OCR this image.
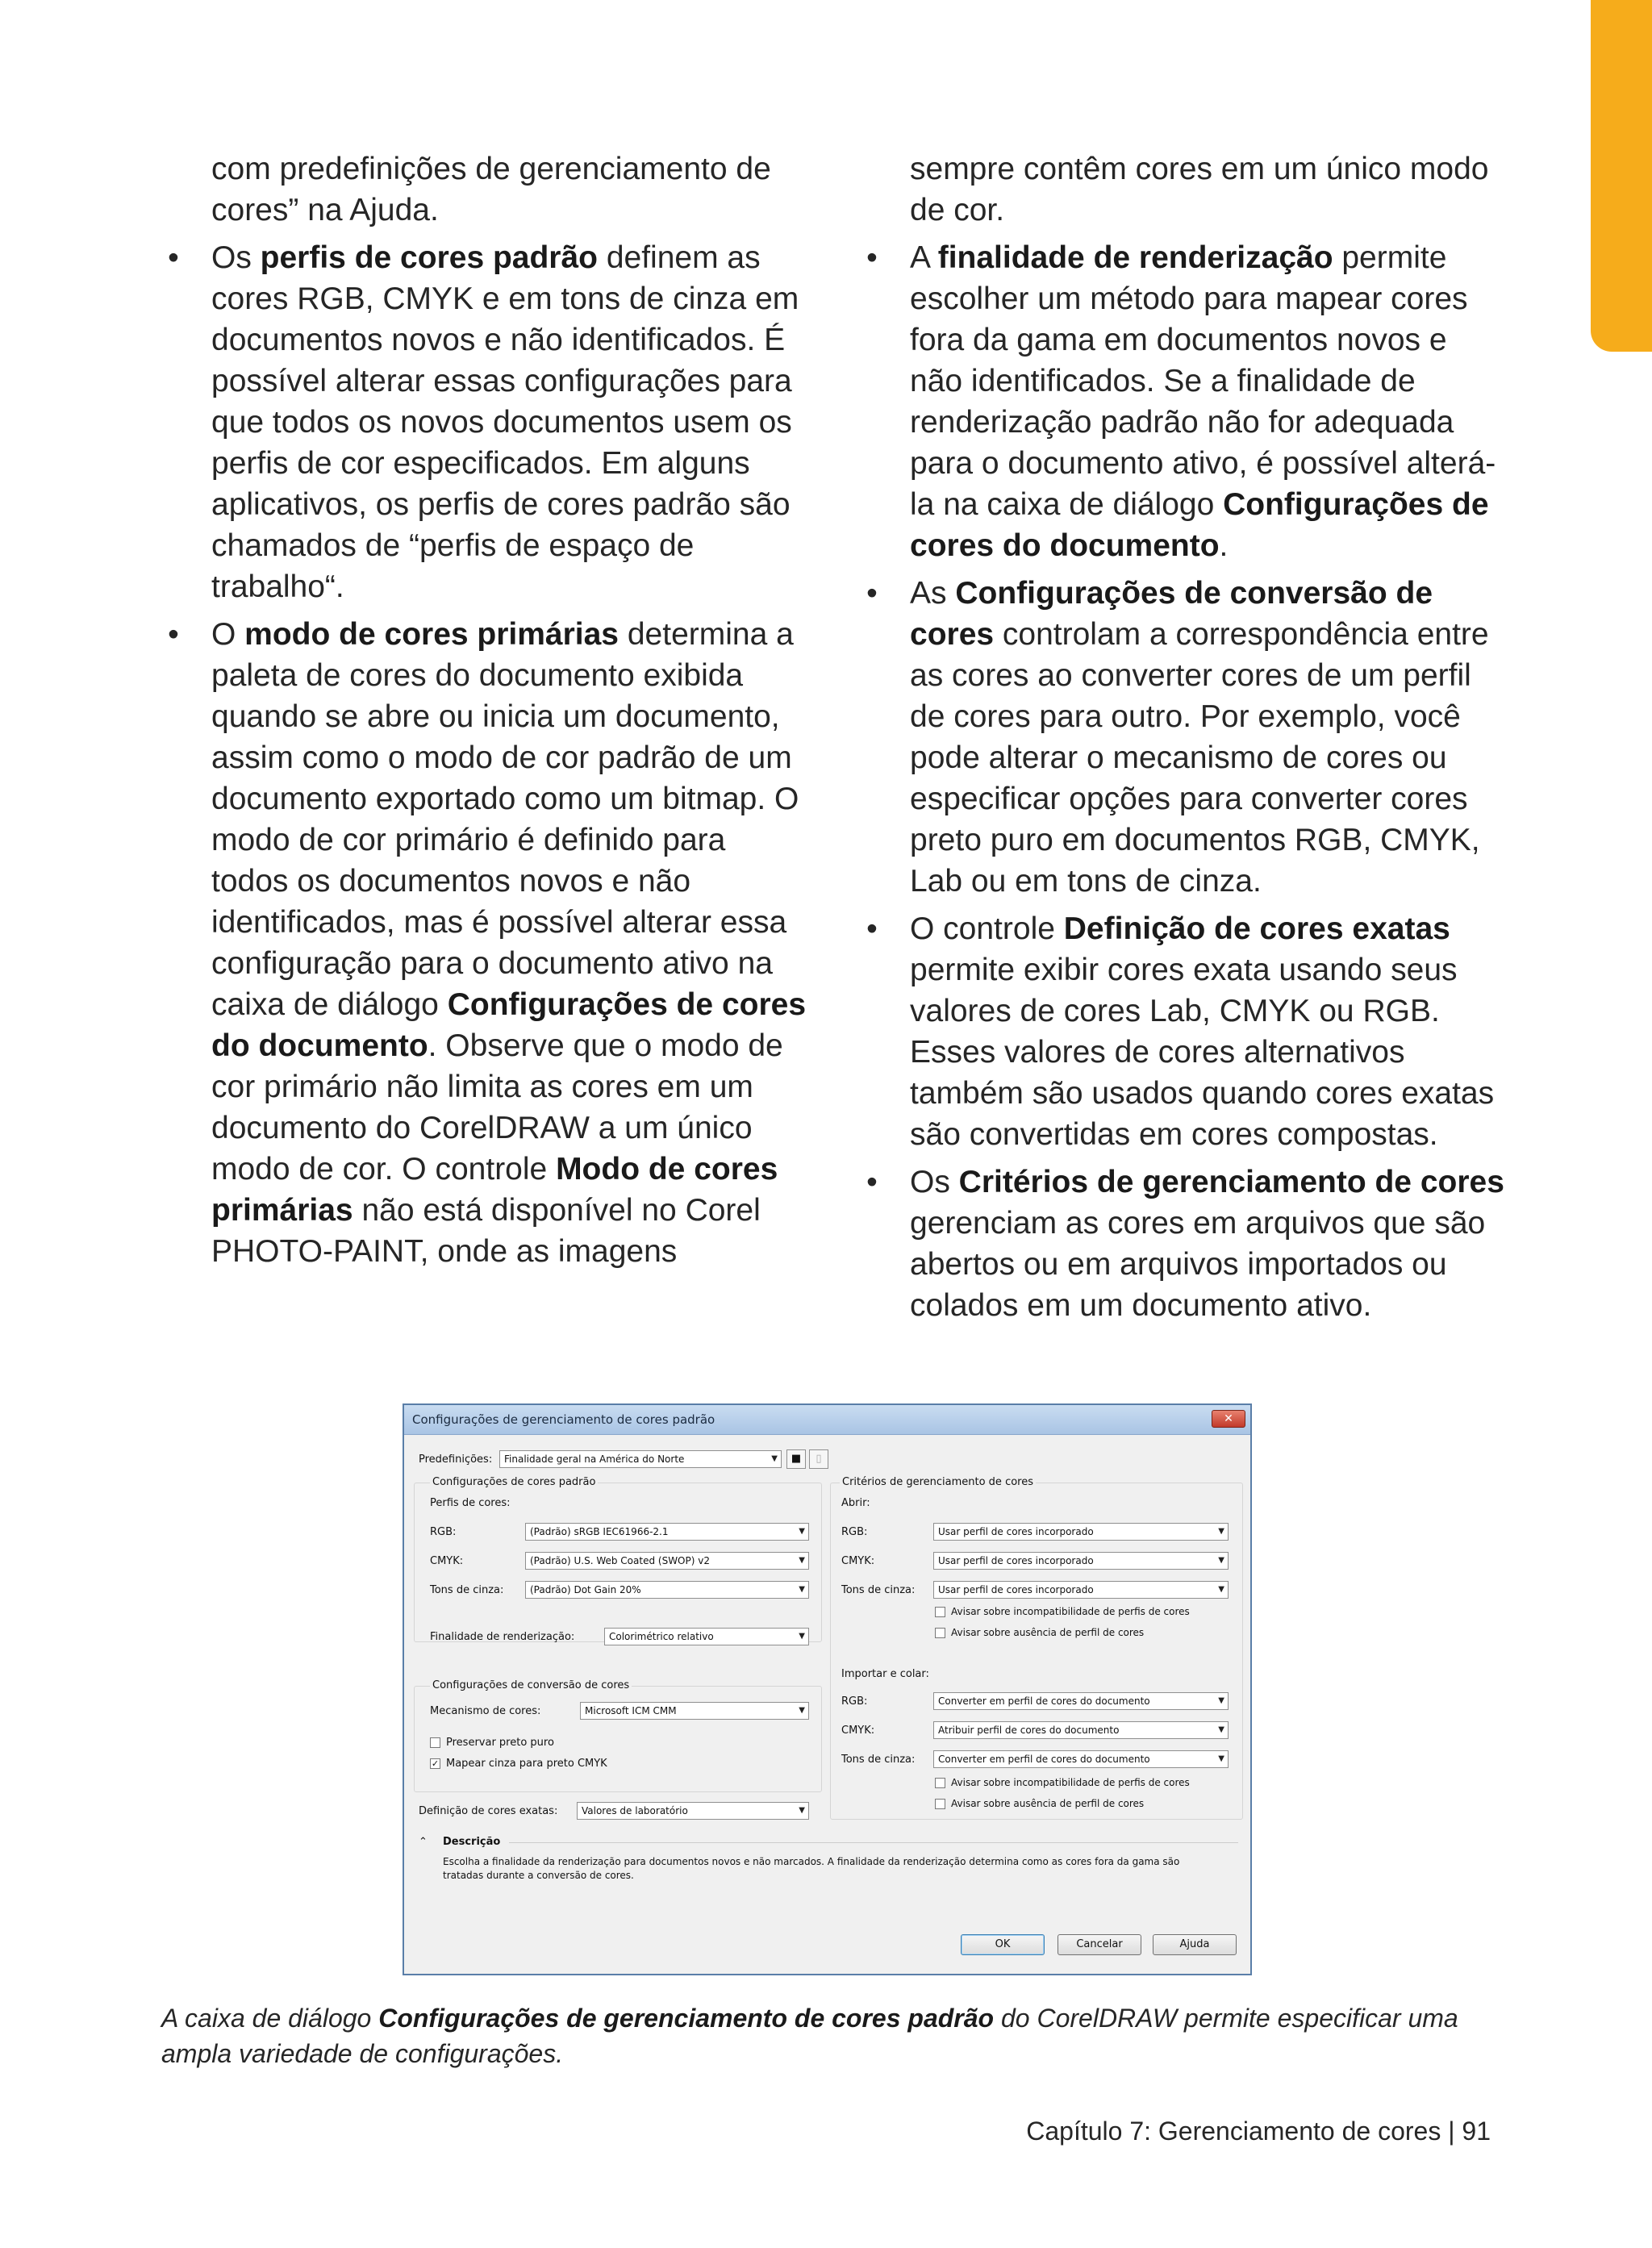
com predefinições de gerenciamento de cores” na Ajuda.
• Os perfis de cores padrão definem as cores RGB, CMYK e em tons de cinza em documentos novos e não identificados. É possível alterar essas configurações para que todos os novos documentos usem os perfis de cor especificados. Em alguns aplicativos, os perfis de cores padrão são chamados de “perfis de espaço de trabalho“.
• O modo de cores primárias determina a paleta de cores do documento exibida quando se abre ou inicia um documento, assim como o modo de cor padrão de um documento exportado como um bitmap. O modo de cor primário é definido para todos os documentos novos e não identificados, mas é possível alterar essa configuração para o documento ativo na caixa de diálogo Configurações de cores do documento. Observe que o modo de cor primário não limita as cores em um documento do CorelDRAW a um único modo de cor. O controle Modo de cores primárias não está disponível no Corel PHOTO-PAINT, onde as imagens
sempre contêm cores em um único modo de cor.
• A finalidade de renderização permite escolher um método para mapear cores fora da gama em documentos novos e não identificados. Se a finalidade de renderização padrão não for adequada para o documento ativo, é possível alterá-la na caixa de diálogo Configurações de cores do documento.
• As Configurações de conversão de cores controlam a correspondência entre as cores ao converter cores de um perfil de cores para outro. Por exemplo, você pode alterar o mecanismo de cores ou especificar opções para converter cores preto puro em documentos RGB, CMYK, Lab ou em tons de cinza.
• O controle Definição de cores exatas permite exibir cores exata usando seus valores de cores Lab, CMYK ou RGB. Esses valores de cores alternativos também são usados quando cores exatas são convertidas em cores compostas.
• Os Critérios de gerenciamento de cores gerenciam as cores em arquivos que são abertos ou em arquivos importados ou colados em um documento ativo.
Configurações de gerenciamento de cores padrão	✕
Predefinições:	Finalidade geral na América do Norte	▼	■	▯
Configurações de cores padrão
Perfis de cores:
RGB:	(Padrão) sRGB IEC61966-2.1	▼
CMYK:	(Padrão) U.S. Web Coated (SWOP) v2	▼
Tons de cinza:	(Padrão) Dot Gain 20%	▼
Finalidade de renderização:	Colorimétrico relativo	▼
Configurações de conversão de cores
Mecanismo de cores:	Microsoft ICM CMM	▼
Preservar preto puro
✓ Mapear cinza para preto CMYK
Definição de cores exatas:	Valores de laboratório	▼
Critérios de gerenciamento de cores
Abrir:
RGB:	Usar perfil de cores incorporado	▼
CMYK:	Usar perfil de cores incorporado	▼
Tons de cinza:	Usar perfil de cores incorporado	▼
Avisar sobre incompatibilidade de perfis de cores
Avisar sobre ausência de perfil de cores
Importar e colar:
RGB:	Converter em perfil de cores do documento	▼
CMYK:	Atribuir perfil de cores do documento	▼
Tons de cinza:	Converter em perfil de cores do documento	▼
Avisar sobre incompatibilidade de perfis de cores
Avisar sobre ausência de perfil de cores
⌃ Descrição
Escolha a finalidade da renderização para documentos novos e não marcados. A finalidade da renderização determina como as cores fora da gama são tratadas durante a conversão de cores.
OK	Cancelar	Ajuda
A caixa de diálogo Configurações de gerenciamento de cores padrão do CorelDRAW permite especificar uma ampla variedade de configurações.
Capítulo 7: Gerenciamento de cores | 91
